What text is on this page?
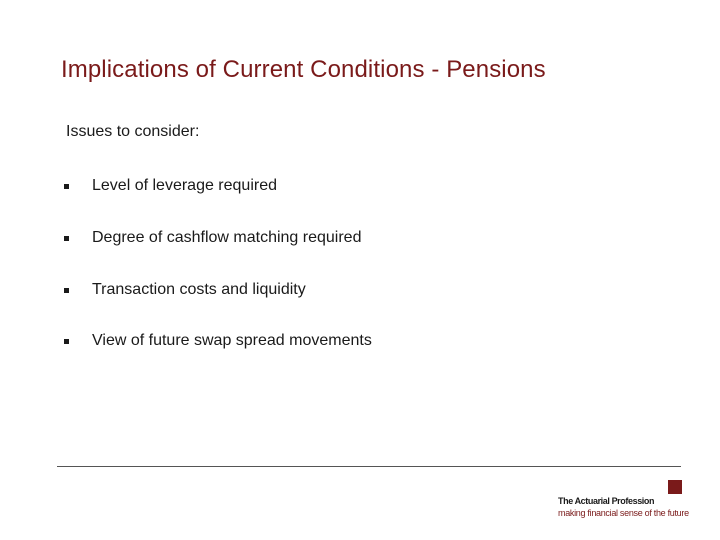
Implications of Current Conditions - Pensions
Issues to consider:
Level of leverage required
Degree of cashflow matching required
Transaction costs and liquidity
View of future swap spread movements
The Actuarial Profession
making financial sense of the future
